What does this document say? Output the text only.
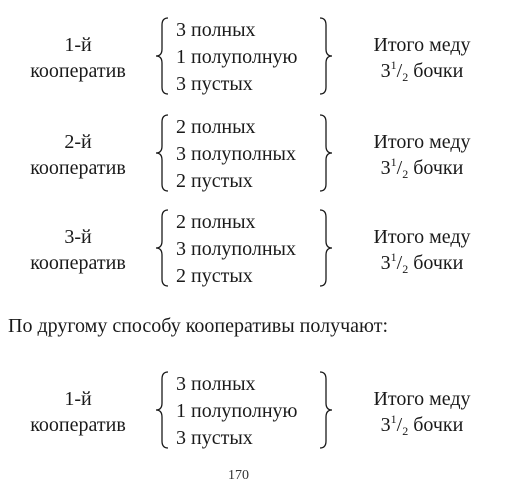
1-й
кооператив
3 полных
1 полуполную
3 пустых
Итого меду
$3^1/_2$ бочки
2-й
кооператив
2 полных
3 полуполных
2 пустых
Итого меду
$3^1/_2$ бочки
3-й
кооператив
2 полных
3 полуполных
2 пустых
Итого меду
$3^1/_2$ бочки
По другому способу кооперативы получают:
1-й
кооператив
3 полных
1 полуполную
3 пустых
Итого меду
$3^1/_2$ бочки
170
